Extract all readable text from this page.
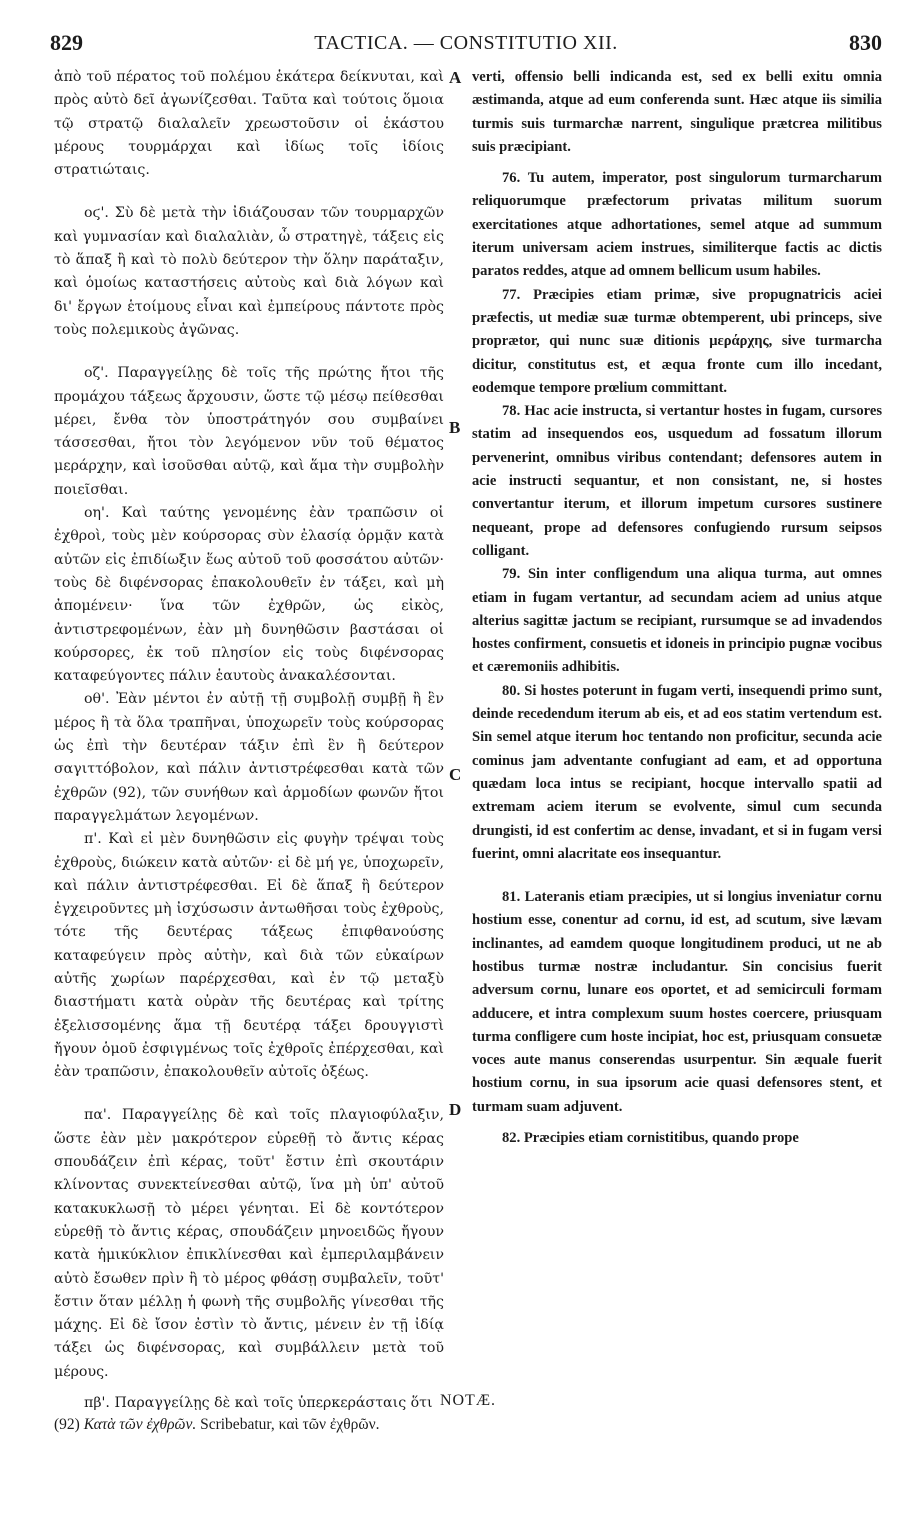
829	TACTICA. — CONSTITUTIO XII.	830

ἀπὸ τοῦ πέρατος τοῦ πολέμου ἑκάτερα δείκνυται, καὶ πρὸς αὐτὸ δεῖ ἀγωνίζεσθαι. Ταῦτα καὶ τούτοις ὅμοια τῷ στρατῷ διαλαλεῖν χρεωστοῦσιν οἱ ἑκάστου μέρους τουρμάρχαι καὶ ἰδίως τοῖς ἰδίοις στρατιώταις.

οϛ'. Σὺ δὲ μετὰ τὴν ἰδιάζουσαν τῶν τουρμαρχῶν καὶ γυμνασίαν καὶ διαλαλιὰν, ὦ στρατηγὲ, τάξεις εἰς τὸ ἅπαξ ἢ καὶ τὸ πολὺ δεύτερον τὴν ὅλην παράταξιν, καὶ ὁμοίως καταστήσεις αὐτοὺς καὶ διὰ λόγων καὶ δι' ἔργων ἑτοίμους εἶναι καὶ ἐμπείρους πάντοτε πρὸς τοὺς πολεμικοὺς ἀγῶνας.

οζ'. Παραγγείλῃς δὲ τοῖς τῆς πρώτης ἤτοι τῆς προμάχου τάξεως ἄρχουσιν, ὥστε τῷ μέσῳ πείθεσθαι μέρει, ἔνθα τὸν ὑποστράτηγόν σου συμβαίνει τάσσεσθαι, ἤτοι τὸν λεγόμενον νῦν τοῦ θέματος μεράρχην, καὶ ἰσοῦσθαι αὐτῷ, καὶ ἅμα τὴν συμβολὴν ποιεῖσθαι.

οη'. Καὶ ταύτης γενομένης ἐὰν τραπῶσιν οἱ ἐχθροὶ, τοὺς μὲν κούρσορας σὺν ἐλασίᾳ ὁρμᾷν κατὰ αὐτῶν εἰς ἐπιδίωξιν ἕως αὐτοῦ τοῦ φοσσάτου αὐτῶν· τοὺς δὲ διφένσορας ἐπακολουθεῖν ἐν τάξει, καὶ μὴ ἀπομένειν· ἵνα τῶν ἐχθρῶν, ὡς εἰκὸς, ἀντιστρεφομένων, ἐὰν μὴ δυνηθῶσιν βαστάσαι οἱ κούρσορες, ἐκ τοῦ πλησίον εἰς τοὺς διφένσορας καταφεύγοντες πάλιν ἑαυτοὺς ἀνακαλέσονται.

οθ'. Ἐὰν μέντοι ἐν αὐτῇ τῇ συμβολῇ συμβῇ ἢ ἓν μέρος ἢ τὰ ὅλα τραπῆναι, ὑποχωρεῖν τοὺς κούρσορας ὡς ἐπὶ τὴν δευτέραν τάξιν ἐπὶ ἓν ἢ δεύτερον σαγιττόβολον, καὶ πάλιν ἀντιστρέφεσθαι κατὰ τῶν ἐχθρῶν (92), τῶν συνήθων καὶ ἁρμοδίων φωνῶν ἤτοι παραγγελμάτων λεγομένων.

π'. Καὶ εἰ μὲν δυνηθῶσιν εἰς φυγὴν τρέψαι τοὺς ἐχθροὺς, διώκειν κατὰ αὐτῶν· εἰ δὲ μή γε, ὑποχωρεῖν, καὶ πάλιν ἀντιστρέφεσθαι. Εἰ δὲ ἅπαξ ἢ δεύτερον ἐγχειροῦντες μὴ ἰσχύσωσιν ἀντωθῆσαι τοὺς ἐχθροὺς, τότε τῆς δευτέρας τάξεως ἐπιφθανούσης καταφεύγειν πρὸς αὐτὴν, καὶ διὰ τῶν εὐκαίρων αὐτῆς χωρίων παρέρχεσθαι, καὶ ἐν τῷ μεταξὺ διαστήματι κατὰ οὐρὰν τῆς δευτέρας καὶ τρίτης ἐξελισσομένης ἅμα τῇ δευτέρᾳ τάξει δρουγγιστὶ ἤγουν ὁμοῦ ἐσφιγμένως τοῖς ἐχθροῖς ἐπέρχεσθαι, καὶ ἐὰν τραπῶσιν, ἐπακολουθεῖν αὐτοῖς ὀξέως.

πα'. Παραγγείλῃς δὲ καὶ τοῖς πλαγιοφύλαξιν, ὥστε ἐὰν μὲν μακρότερον εὑρεθῇ τὸ ἄντις κέρας σπουδάζειν ἐπὶ κέρας, τοῦτ' ἔστιν ἐπὶ σκουτάριν κλίνοντας συνεκτείνεσθαι αὐτῷ, ἵνα μὴ ὑπ' αὐτοῦ κατακυκλωσῇ τὸ μέρει γένηται. Εἰ δὲ κοντότερον εὑρεθῇ τὸ ἄντις κέρας, σπουδάζειν μηνοειδῶς ἤγουν κατὰ ἡμικύκλιον ἐπικλίνεσθαι καὶ ἐμπεριλαμβάνειν αὐτὸ ἔσωθεν πρὶν ἢ τὸ μέρος φθάσῃ συμβαλεῖν, τοῦτ' ἔστιν ὅταν μέλλῃ ἡ φωνὴ τῆς συμβολῆς γίνεσθαι τῆς μάχης. Εἰ δὲ ἴσον ἐστὶν τὸ ἄντις, μένειν ἐν τῇ ἰδίᾳ τάξει ὡς διφένσορας, καὶ συμβάλλειν μετὰ τοῦ μέρους.

πβ'. Παραγγείλῃς δὲ καὶ τοῖς ὑπερκεράσταις ὅτι

A
B
C
D

verti, offensio belli indicanda est, sed ex belli exitu omnia æstimanda, atque ad eum conferenda sunt. Hæc atque iis similia turmis suis turmarchæ narrent, singulique prætcrea militibus suis præcipiant.

76. Tu autem, imperator, post singulorum turmarcharum reliquorumque præfectorum privatas militum suorum exercitationes atque adhortationes, semel atque ad summum iterum universam aciem instrues, similiterque factis ac dictis paratos reddes, atque ad omnem bellicum usum habiles.

77. Præcipies etiam primæ, sive propugnatricis aciei præfectis, ut mediæ suæ turmæ obtemperent, ubi princeps, sive proprætor, qui nunc suæ ditionis μεράρχης, sive turmarcha dicitur, constitutus est, et æqua fronte cum illo incedant, eodemque tempore prœlium committant.

78. Hac acie instructa, si vertantur hostes in fugam, cursores statim ad insequendos eos, usquedum ad fossatum illorum pervenerint, omnibus viribus contendant; defensores autem in acie instructi sequantur, et non consistant, ne, si hostes convertantur iterum, et illorum impetum cursores sustinere nequeant, prope ad defensores confugiendo rursum seipsos colligant.

79. Sin inter confligendum una aliqua turma, aut omnes etiam in fugam vertantur, ad secundam aciem ad unius atque alterius sagittæ jactum se recipiant, rursumque se ad invadendos hostes confirment, consuetis et idoneis in principio pugnæ vocibus et cæremoniis adhibitis.

80. Si hostes poterunt in fugam verti, insequendi primo sunt, deinde recedendum iterum ab eis, et ad eos statim vertendum est. Sin semel atque iterum hoc tentando non proficitur, secunda acie cominus jam adventante confugiant ad eam, et ad opportuna quædam loca intus se recipiant, hocque intervallo spatii ad extremam aciem iterum se evolvente, simul cum secunda drungisti, id est confertim ac dense, invadant, et si in fugam versi fuerint, omni alacritate eos insequantur.

81. Lateranis etiam præcipies, ut si longius inveniatur cornu hostium esse, conentur ad cornu, id est, ad scutum, sive lævam inclinantes, ad eamdem quoque longitudinem produci, ut ne ab hostibus turmæ nostræ includantur. Sin concisius fuerit adversum cornu, lunare eos oportet, et ad semicirculi formam adducere, et intra complexum suum hostes coercere, priusquam turma confligere cum hoste incipiat, hoc est, priusquam consuetæ voces aute manus conserendas usurpentur. Sin æquale fuerit hostium cornu, in sua ipsorum acie quasi defensores stent, et turmam suam adjuvent.

82. Præcipies etiam cornistitibus, quando prope

NOTÆ.
(92) Κατὰ τῶν ἐχθρῶν. Scribebatur, καὶ τῶν ἐχθρῶν.
